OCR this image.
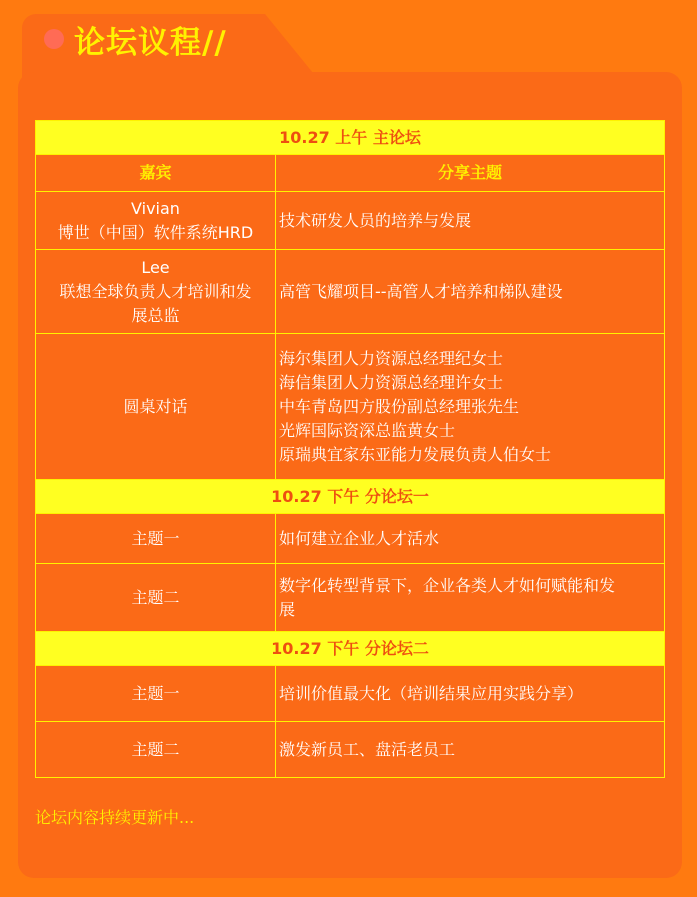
论坛议程//
10.27 上午 主论坛	
嘉宾	分享主题

Vivian
博世（中国）软件系统HRD	技术研发人员的培养与发展

Lee
联想全球负责人才培训和发
展总监	高管飞耀项目--高管人才培养和梯队建设

圆桌对话	海尔集团人力资源总经理纪女士
海信集团人力资源总经理许女士
中车青岛四方股份副总经理张先生
光辉国际资深总监黄女士
原瑞典宜家东亚能力发展负责人伯女士

10.27 下午 分论坛一	
主题一	如何建立企业人才活水
主题二	数字化转型背景下，企业各类人才如何赋能和发
展

10.27 下午 分论坛二	
主题一	培训价值最大化（培训结果应用实践分享）
主题二	激发新员工、盘活老员工
论坛内容持续更新中...
